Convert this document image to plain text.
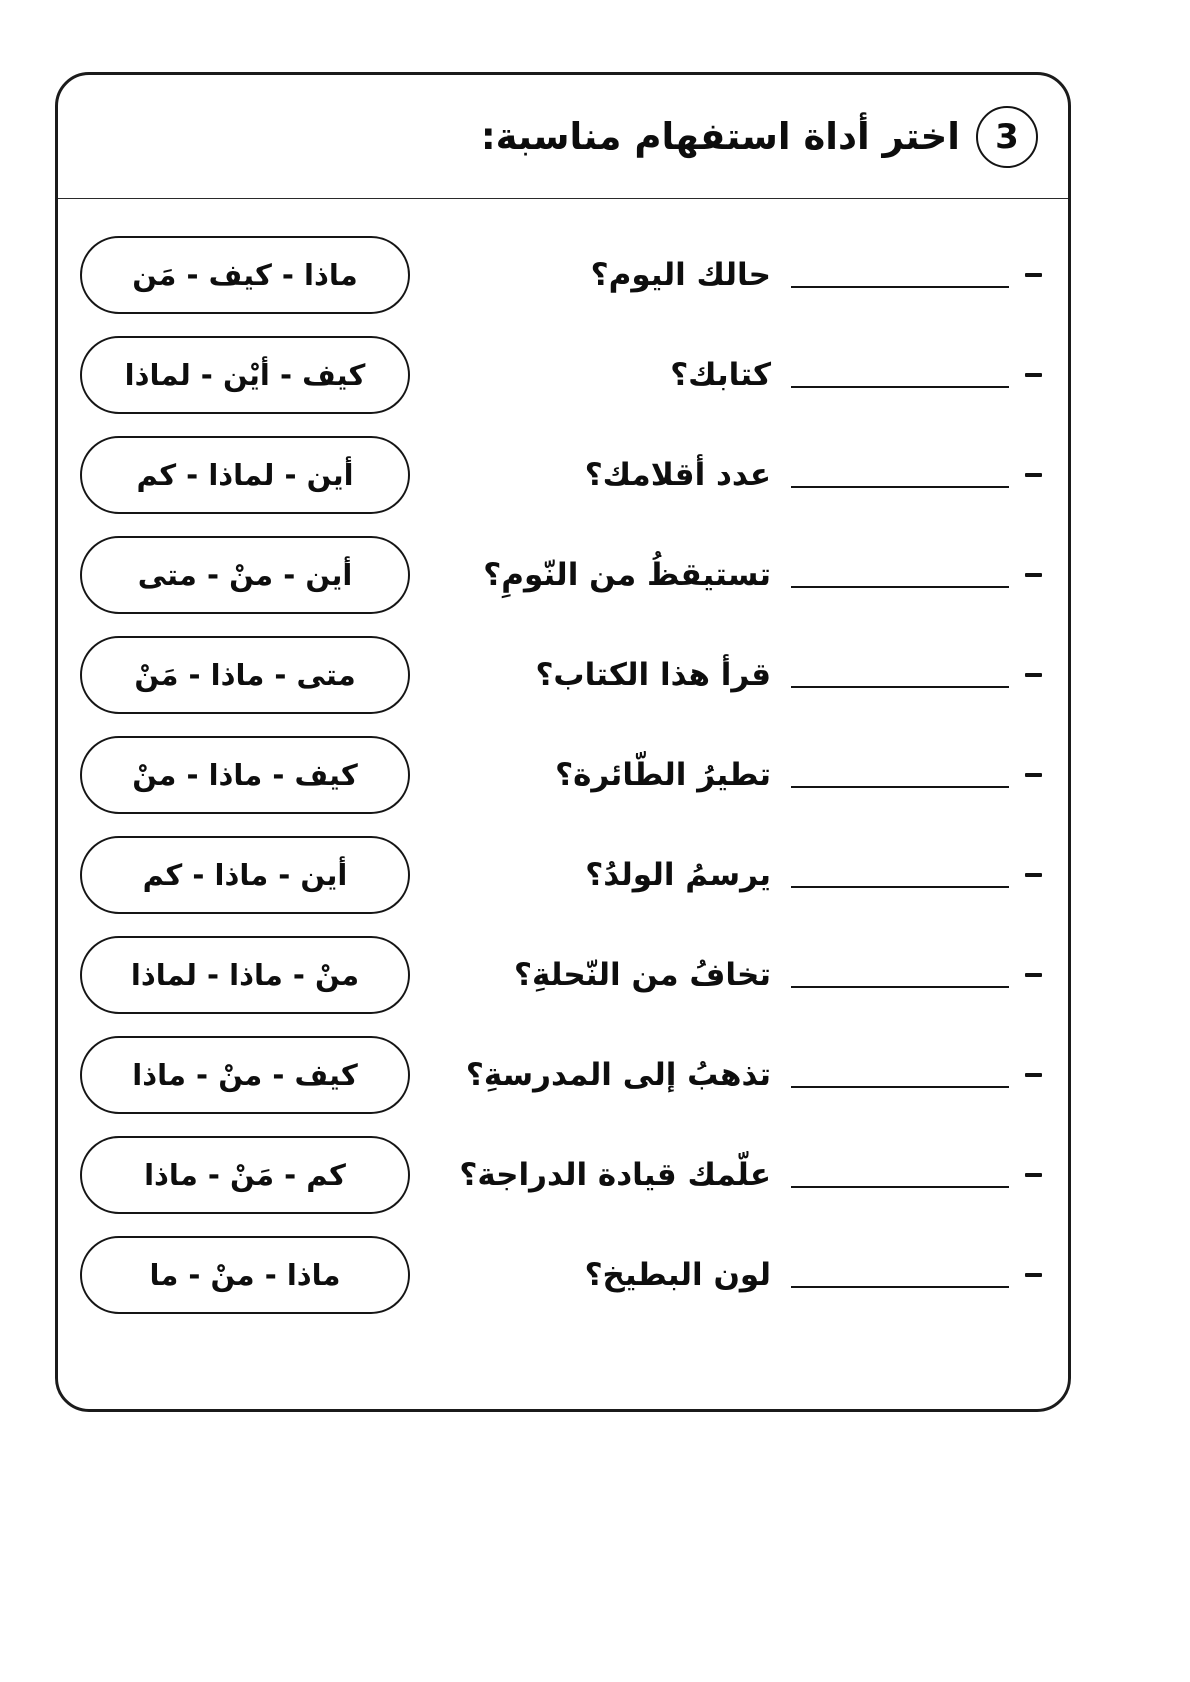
3
اختر أداة استفهام مناسبة:
حالك اليوم؟
ماذا - كيف - مَن
كتابك؟
كيف - أيْن - لماذا
عدد أقلامك؟
أين - لماذا - كم
تستيقظُ من النّومِ؟
أين - منْ - متى
قرأ هذا الكتاب؟
متى - ماذا - مَنْ
تطيرُ الطّائرة؟
كيف - ماذا - منْ
يرسمُ الولدُ؟
أين - ماذا - كم
تخافُ من النّحلةِ؟
منْ - ماذا - لماذا
تذهبُ إلى المدرسةِ؟
كيف - منْ - ماذا
علّمك قيادة الدراجة؟
كم - مَنْ - ماذا
لون البطيخ؟
ماذا - منْ - ما
